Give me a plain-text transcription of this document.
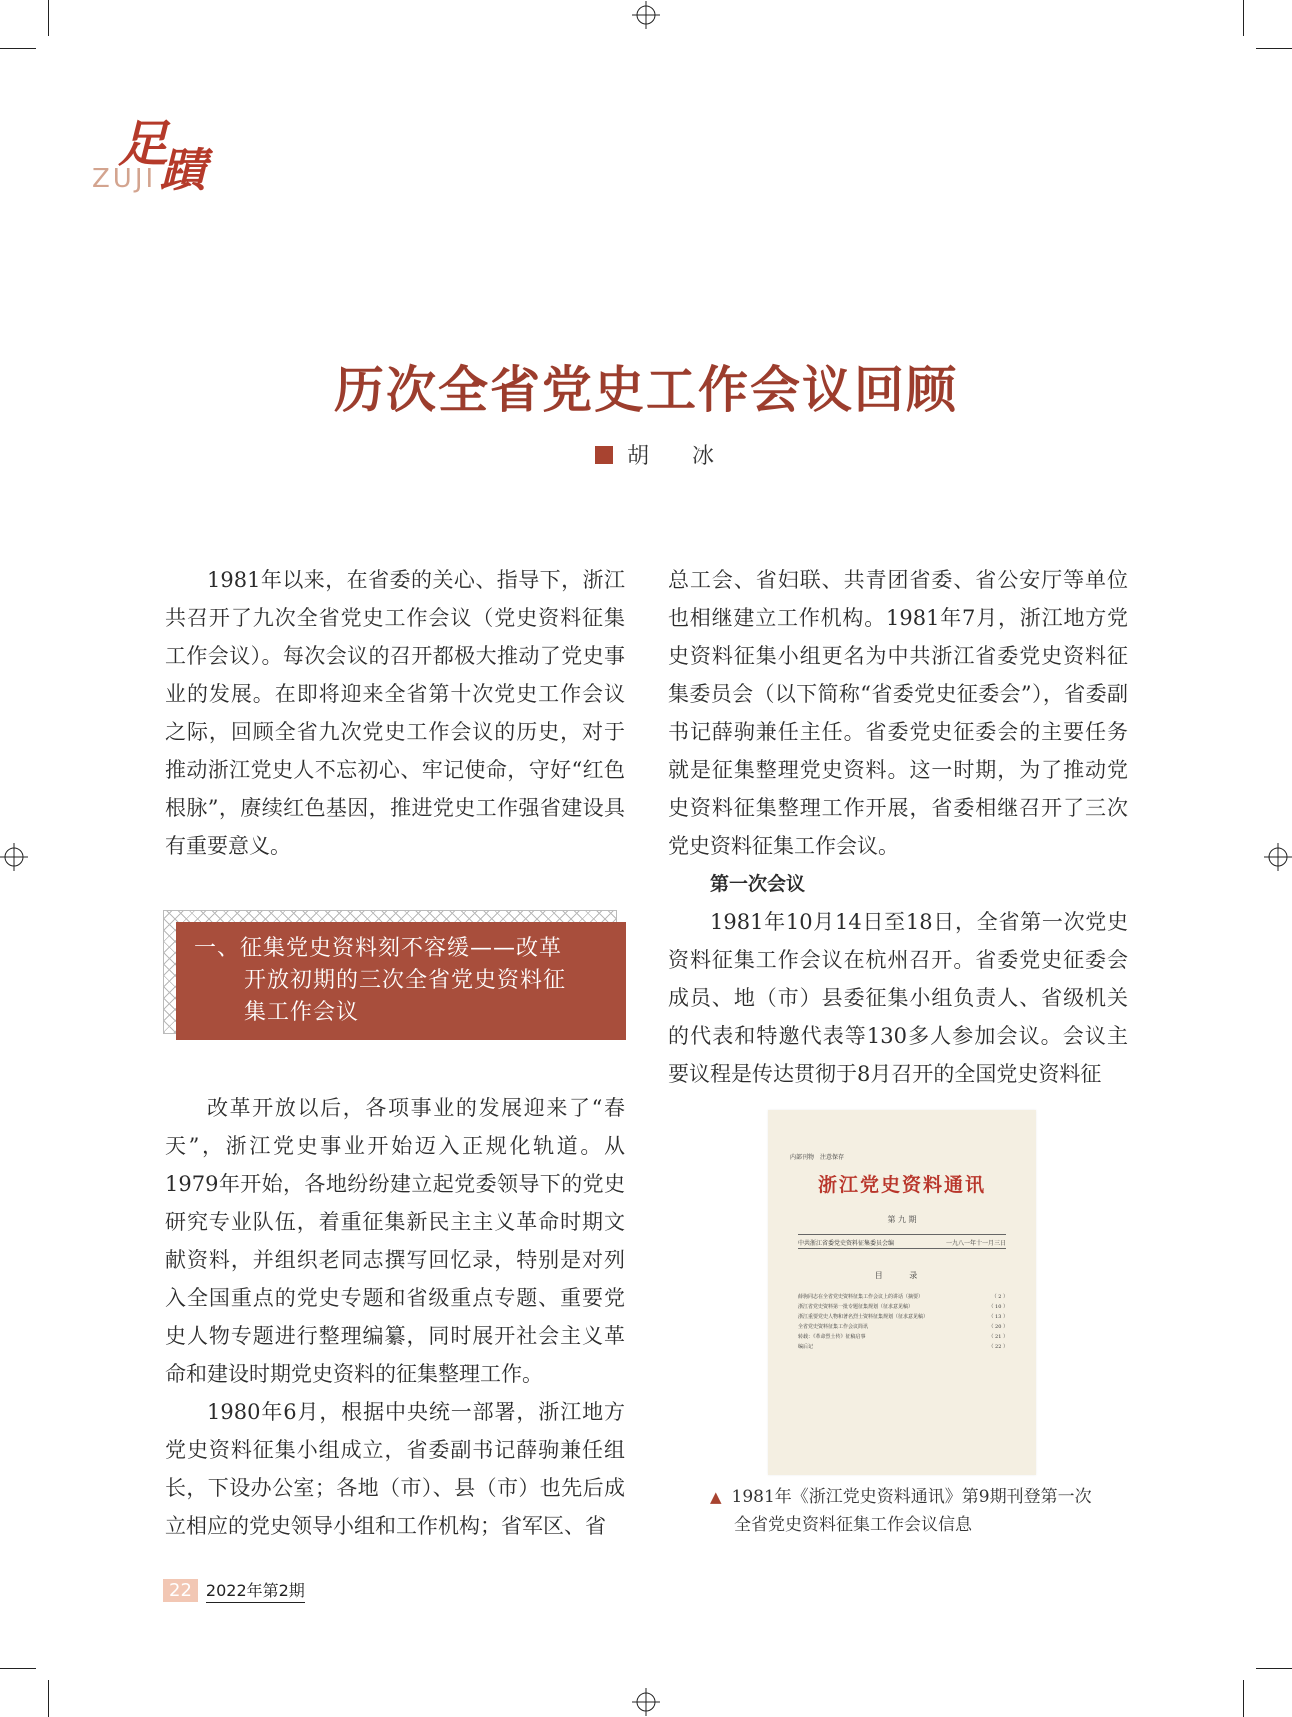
足
蹟
ZUJI
历次全省党史工作会议回顾
胡 冰

1981年以来，在省委的关心、指导下，浙江共召开了九次全省党史工作会议（党史资料征集工作会议）。每次会议的召开都极大推动了党史事业的发展。在即将迎来全省第十次党史工作会议之际，回顾全省九次党史工作会议的历史，对于推动浙江党史人不忘初心、牢记使命，守好“红色根脉”，赓续红色基因，推进党史工作强省建设具有重要意义。

一、征集党史资料刻不容缓——改革
开放初期的三次全省党史资料征
集工作会议

改革开放以后，各项事业的发展迎来了“春天”，浙江党史事业开始迈入正规化轨道。从1979年开始，各地纷纷建立起党委领导下的党史研究专业队伍，着重征集新民主主义革命时期文献资料，并组织老同志撰写回忆录，特别是对列入全国重点的党史专题和省级重点专题、重要党史人物专题进行整理编纂，同时展开社会主义革命和建设时期党史资料的征集整理工作。

1980年6月，根据中央统一部署，浙江地方党史资料征集小组成立，省委副书记薛驹兼任组长，下设办公室；各地（市）、县（市）也先后成立相应的党史领导小组和工作机构；省军区、省

总工会、省妇联、共青团省委、省公安厅等单位也相继建立工作机构。1981年7月，浙江地方党史资料征集小组更名为中共浙江省委党史资料征集委员会（以下简称“省委党史征委会”），省委副书记薛驹兼任主任。省委党史征委会的主要任务就是征集整理党史资料。这一时期，为了推动党史资料征集整理工作开展，省委相继召开了三次党史资料征集工作会议。

第一次会议

1981年10月14日至18日，全省第一次党史资料征集工作会议在杭州召开。省委党史征委会成员、地（市）县委征集小组负责人、省级机关的代表和特邀代表等130多人参加会议。会议主要议程是传达贯彻于8月召开的全国党史资料征

内部刊物　注意保存
浙江党史资料通讯
第 九 期
中共浙江省委党史资料征集委员会编	一九八一年十一月三日
目 录
薛驹同志在全省党史资料征集工作会议上的讲话（摘要）	（ 2 ）
浙江省党史资料第一批专题征集规划（征求意见稿）	（ 10 ）
浙江重要党史人物和著名烈士资料征集规划（征求意见稿）	（ 13 ）
全省党史资料征集工作会议简讯	（ 20 ）
转载：《革命烈士传》征稿启事	（ 21 ）
编后记	（ 22 ）
▲ 1981年《浙江党史资料通讯》第9期刊登第一次
全省党史资料征集工作会议信息
22 2022年第2期
